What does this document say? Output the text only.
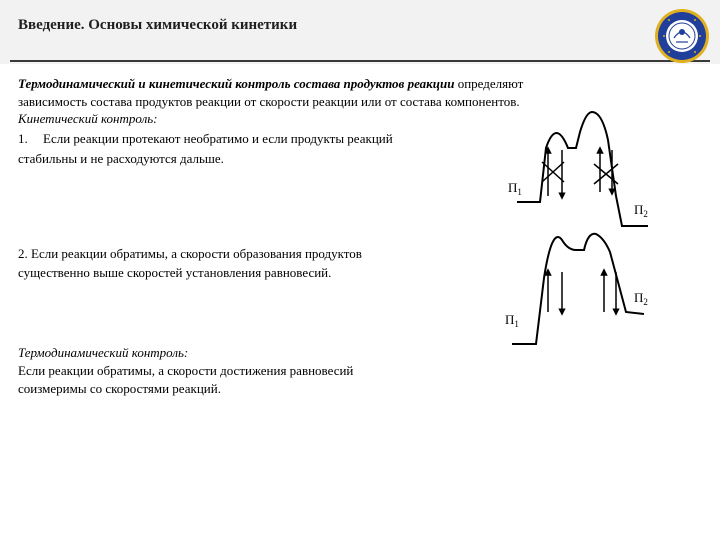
Введение. Основы химической кинетики
Термодинамический и кинетический контроль состава продуктов реакции определяют
зависимость состава продуктов реакции от скорости реакции или от состава компонентов.
Кинетический контроль:
1. Если реакции протекают необратимо и если продукты реакций
стабильны и не расходуются дальше.
2. Если реакции обратимы, а скорости образования продуктов
существенно выше скоростей установления равновесий.
Термодинамический контроль:
Если реакции обратимы, а скорости достижения равновесий
соизмеримы со скоростями реакций.
$П_1$
$П_2$
$П_1$
$П_2$
